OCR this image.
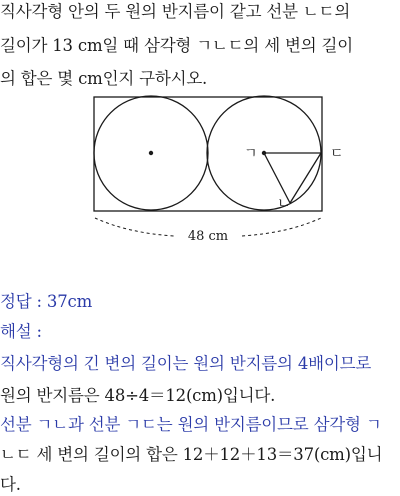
직사각형 안의 두 원의 반지름이 같고 선분 ㄴㄷ의
길이가 13 cm일 때 삼각형 ㄱㄴㄷ의 세 변의 길이
의 합은 몇 cm인지 구하시오.
ㄱ
ㄴ
ㄷ
48 cm
정답 : 37cm
해설 :
직사각형의 긴 변의 길이는 원의 반지름의 4배이므로
원의 반지름은 48÷4＝12(cm)입니다.
선분 ㄱㄴ과 선분 ㄱㄷ는 원의 반지름이므로 삼각형 ㄱ
ㄴㄷ 세 변의 길이의 합은 12＋12＋13＝37(cm)입니
다.
